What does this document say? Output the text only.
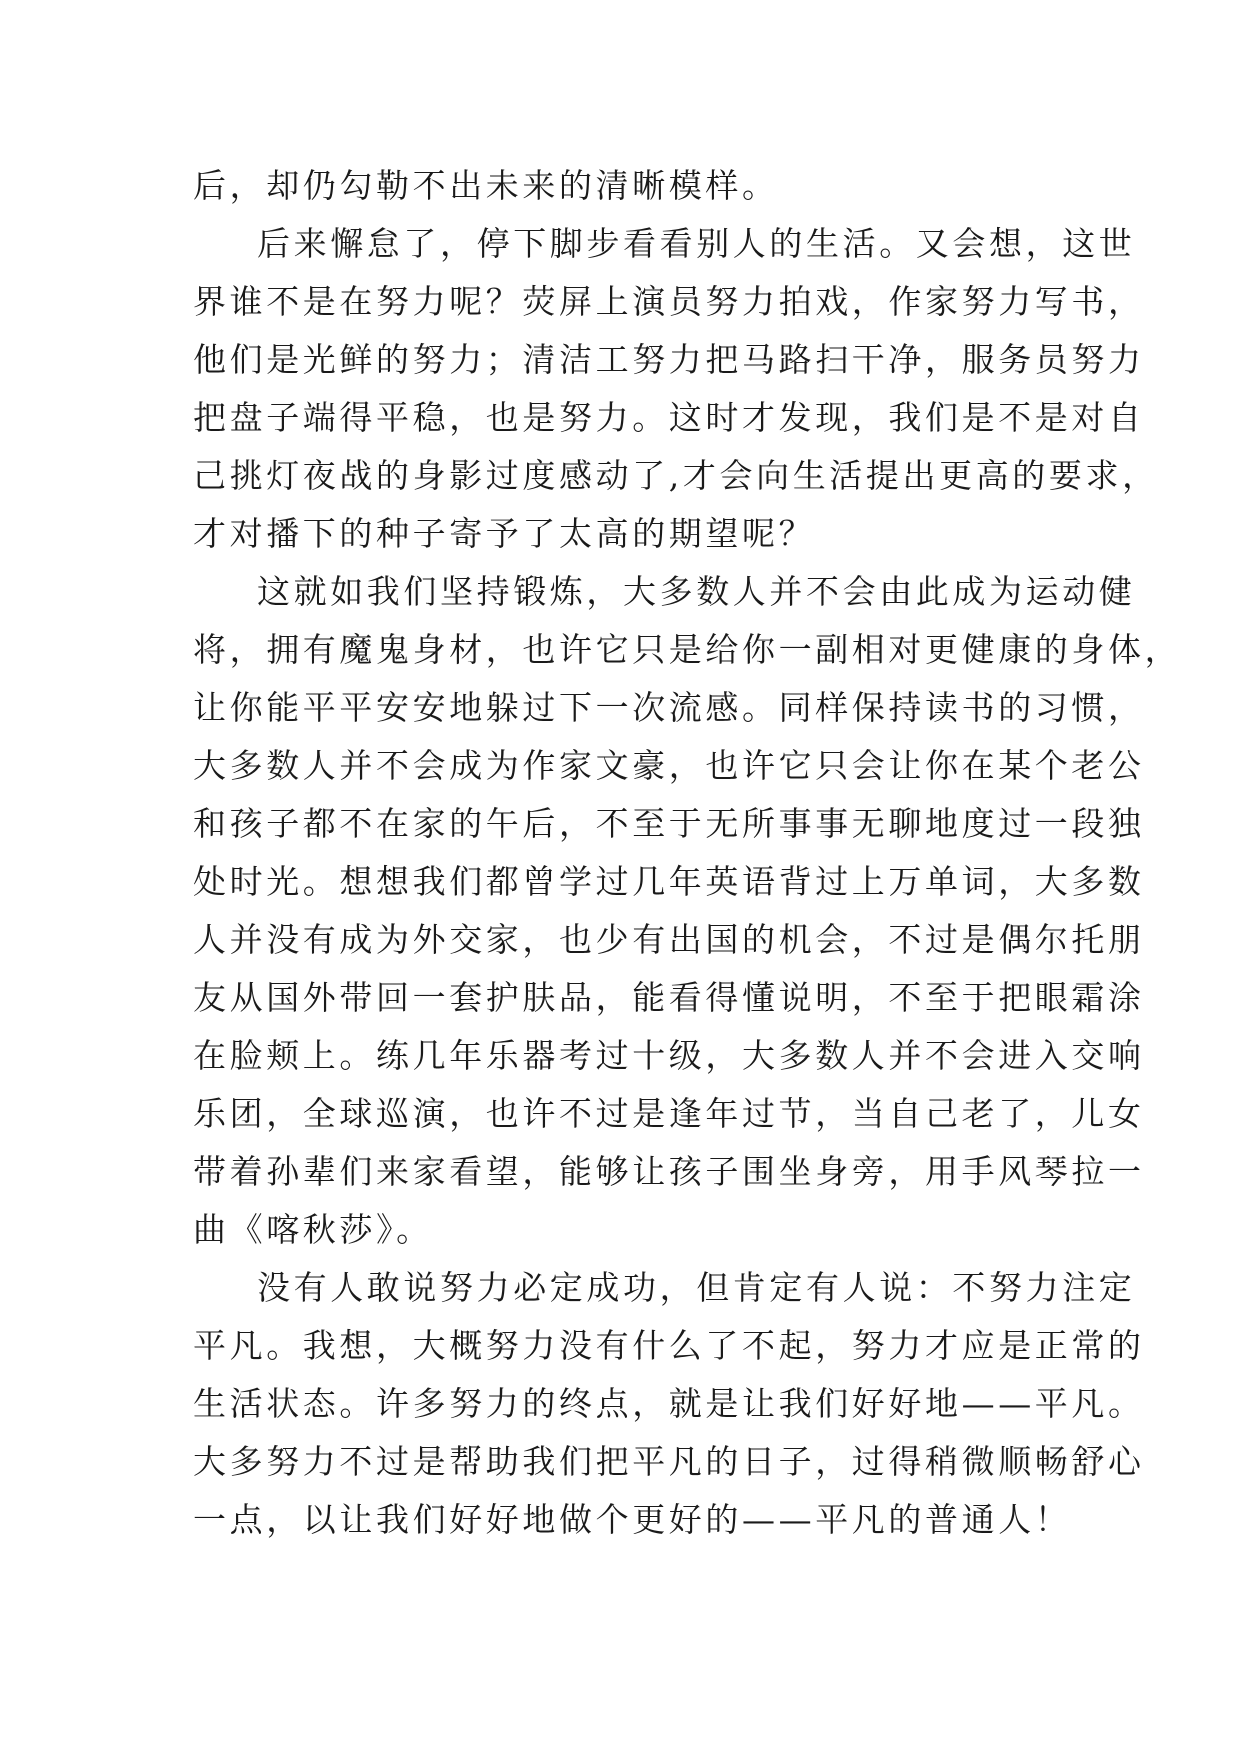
后，却仍勾勒不出未来的清晰模样。
后来懈怠了，停下脚步看看别人的生活。又会想，这世
界谁不是在努力呢？荧屏上演员努力拍戏，作家努力写书，
他们是光鲜的努力；清洁工努力把马路扫干净，服务员努力
把盘子端得平稳，也是努力。这时才发现，我们是不是对自
己挑灯夜战的身影过度感动了,才会向生活提出更高的要求，
才对播下的种子寄予了太高的期望呢？
这就如我们坚持锻炼，大多数人并不会由此成为运动健
将，拥有魔鬼身材，也许它只是给你一副相对更健康的身体，
让你能平平安安地躲过下一次流感。同样保持读书的习惯，
大多数人并不会成为作家文豪，也许它只会让你在某个老公
和孩子都不在家的午后，不至于无所事事无聊地度过一段独
处时光。想想我们都曾学过几年英语背过上万单词，大多数
人并没有成为外交家，也少有出国的机会，不过是偶尔托朋
友从国外带回一套护肤品，能看得懂说明，不至于把眼霜涂
在脸颊上。练几年乐器考过十级，大多数人并不会进入交响
乐团，全球巡演，也许不过是逢年过节，当自己老了，儿女
带着孙辈们来家看望，能够让孩子围坐身旁，用手风琴拉一
曲《喀秋莎》。
没有人敢说努力必定成功，但肯定有人说：不努力注定
平凡。我想，大概努力没有什么了不起，努力才应是正常的
生活状态。许多努力的终点，就是让我们好好地——平凡。
大多努力不过是帮助我们把平凡的日子，过得稍微顺畅舒心
一点，以让我们好好地做个更好的——平凡的普通人！
